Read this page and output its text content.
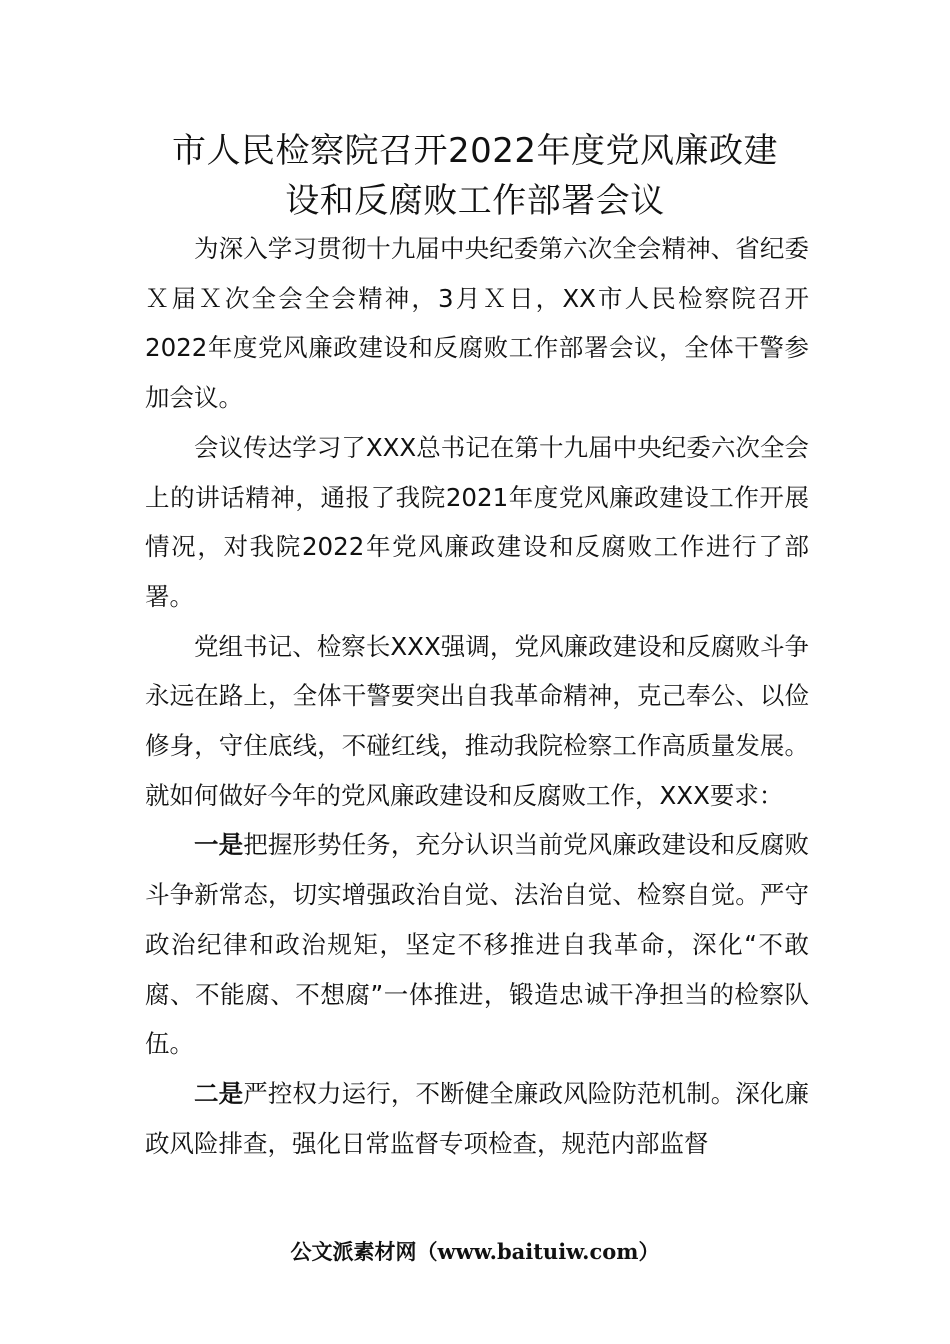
市人民检察院召开2022年度党风廉政建
设和反腐败工作部署会议

为深入学习贯彻十九届中央纪委第六次全会精神、省纪委Ｘ届Ｘ次全会全会精神，3月Ｘ日，XX市人民检察院召开2022年度党风廉政建设和反腐败工作部署会议，全体干警参加会议。

会议传达学习了XXX总书记在第十九届中央纪委六次全会上的讲话精神，通报了我院2021年度党风廉政建设工作开展情况，对我院2022年党风廉政建设和反腐败工作进行了部署。

党组书记、检察长XXX强调，党风廉政建设和反腐败斗争永远在路上，全体干警要突出自我革命精神，克己奉公、以俭修身，守住底线，不碰红线，推动我院检察工作高质量发展。就如何做好今年的党风廉政建设和反腐败工作，XXX要求：

一是把握形势任务，充分认识当前党风廉政建设和反腐败斗争新常态，切实增强政治自觉、法治自觉、检察自觉。严守政治纪律和政治规矩，坚定不移推进自我革命，深化“不敢腐、不能腐、不想腐”一体推进，锻造忠诚干净担当的检察队伍。

二是严控权力运行，不断健全廉政风险防范机制。深化廉政风险排查，强化日常监督专项检查，规范内部监督

公文派素材网（www.baituiw.com）
